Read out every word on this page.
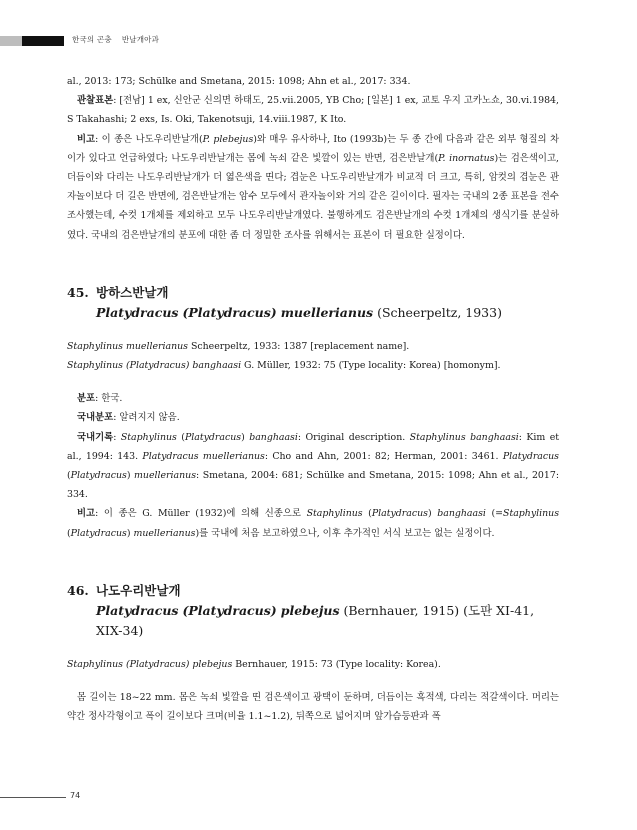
한국의 곤충 반날개아과

al., 2013: 173; Schülke and Smetana, 2015: 1098; Ahn et al., 2017: 334.

관찰표본: [전남] 1 ex, 신안군 신의면 하태도, 25.vii.2005, YB Cho; [일본] 1 ex, 교토 우지 고카노쇼, 30.vi.1984, S Takahashi; 2 exs, Is. Oki, Takenotsuji, 14.viii.1987, K Ito.

비고: 이 종은 나도우리반날개(P. plebejus)와 매우 유사하나, Ito (1993b)는 두 종 간에 다음과 같은 외부 형질의 차이가 있다고 언급하였다; 나도우리반날개는 몸에 녹쇠 같은 빛깔이 있는 반면, 검은반날개(P. inornatus)는 검은색이고, 더듬이와 다리는 나도우리반날개가 더 엷은색을 띤다; 겹눈은 나도우리반날개가 비교적 더 크고, 특히, 암컷의 겹눈은 관자놀이보다 더 길은 반면에, 검은반날개는 암수 모두에서 관자놀이와 거의 같은 길이이다. 필자는 국내의 2종 표본을 전수 조사했는데, 수컷 1개체를 제외하고 모두 나도우리반날개였다. 불행하게도 검은반날개의 수컷 1개체의 생식기를 분실하였다. 국내의 검은반날개의 분포에 대한 좀 더 정밀한 조사를 위해서는 표본이 더 필요한 실정이다.

45. 방하스반날개

Platydracus (Platydracus) muellerianus (Scheerpeltz, 1933)

Staphylinus muellerianus Scheerpeltz, 1933: 1387 [replacement name].

Staphylinus (Platydracus) banghaasi G. Müller, 1932: 75 (Type locality: Korea) [homonym].

분포: 한국.

국내분포: 알려지지 않음.

국내기록: Staphylinus (Platydracus) banghaasi: Original description. Staphylinus banghaasi: Kim et al., 1994: 143. Platydracus muellerianus: Cho and Ahn, 2001: 82; Herman, 2001: 3461. Platydracus (Platydracus) muellerianus: Smetana, 2004: 681; Schülke and Smetana, 2015: 1098; Ahn et al., 2017: 334.

비고: 이 종은 G. Müller (1932)에 의해 신종으로 Staphylinus (Platydracus) banghaasi (=Staphylinus (Platydracus) muellerianus)를 국내에 처음 보고하였으나, 이후 추가적인 서식 보고는 없는 실정이다.

46. 나도우리반날개

Platydracus (Platydracus) plebejus (Bernhauer, 1915) (도판 XI-41, XIX-34)

Staphylinus (Platydracus) plebejus Bernhauer, 1915: 73 (Type locality: Korea).

몸 길이는 18~22 mm. 몸은 녹쇠 빛깔을 띤 검은색이고 광택이 둔하며, 더듬이는 흑적색, 다리는 적갈색이다. 머리는 약간 정사각형이고 폭이 길이보다 크며(비율 1.1~1.2), 뒤쪽으로 넓어지며 앞가슴등판과 폭

74
